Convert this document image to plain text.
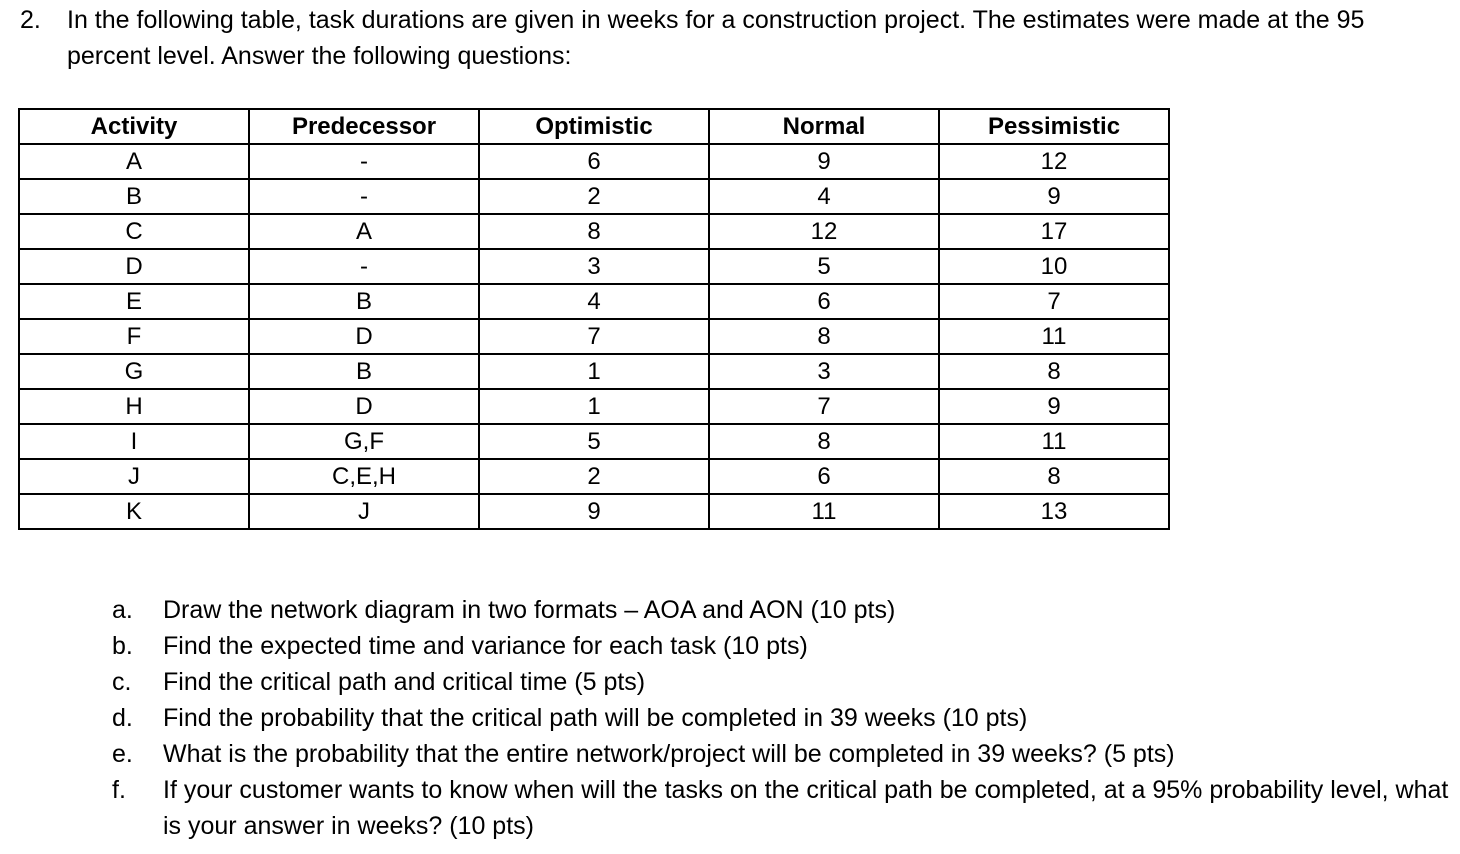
2. In the following table, task durations are given in weeks for a construction project. The estimates were made at the 95 percent level. Answer the following questions:
Activity	Predecessor	Optimistic	Normal	Pessimistic
A	-	6	9	12
B	-	2	4	9
C	A	8	12	17
D	-	3	5	10
E	B	4	6	7
F	D	7	8	11
G	B	1	3	8
H	D	1	7	9
I	G,F	5	8	11
J	C,E,H	2	6	8
K	J	9	11	13
a. Draw the network diagram in two formats – AOA and AON (10 pts)
b. Find the expected time and variance for each task (10 pts)
c. Find the critical path and critical time (5 pts)
d. Find the probability that the critical path will be completed in 39 weeks (10 pts)
e. What is the probability that the entire network/project will be completed in 39 weeks? (5 pts)
f. If your customer wants to know when will the tasks on the critical path be completed, at a 95% probability level, what is your answer in weeks? (10 pts)
